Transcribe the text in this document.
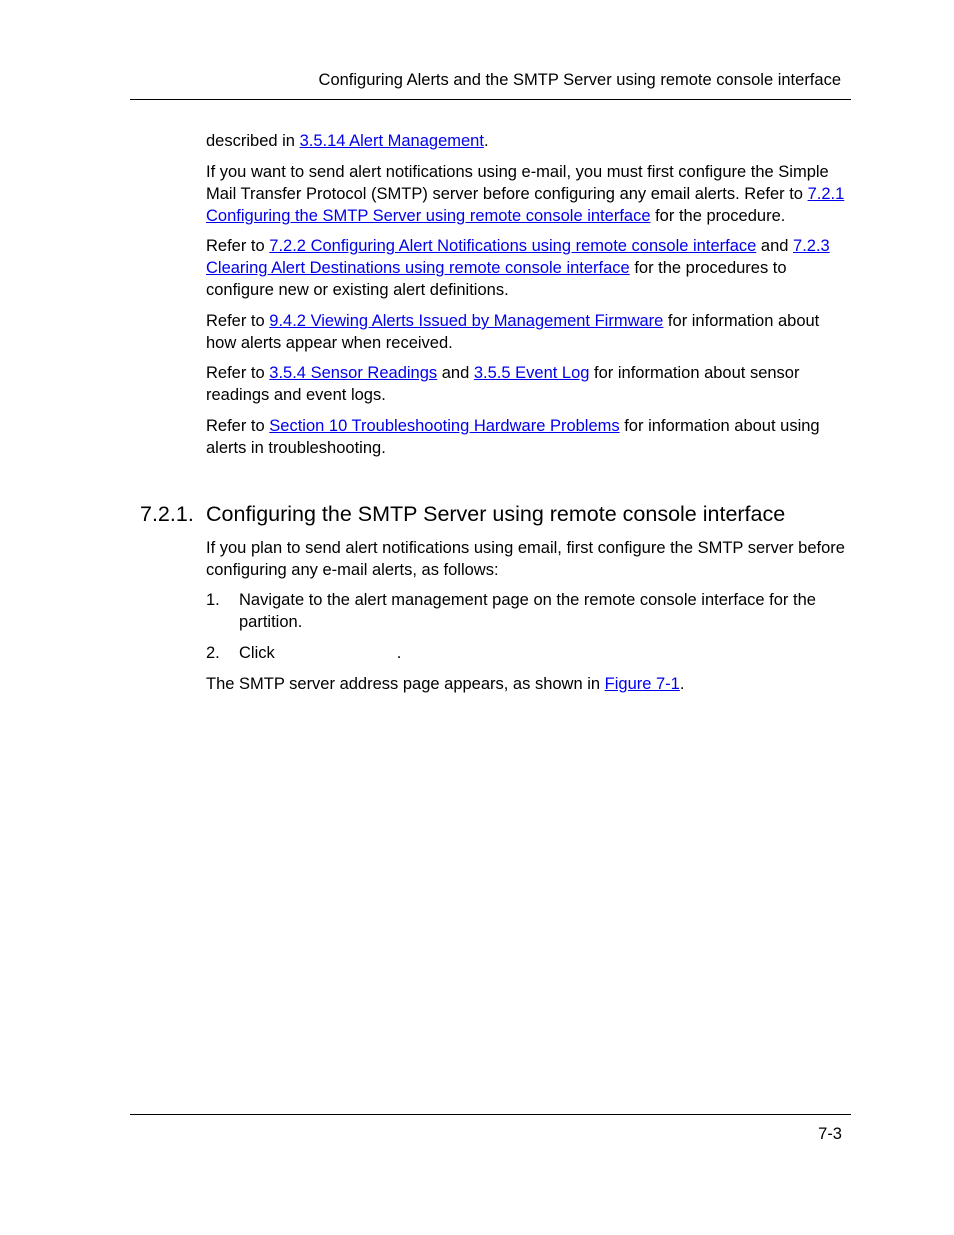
Configuring Alerts and the SMTP Server using remote console interface

described in 3.5.14 Alert Management.

If you want to send alert notifications using e-mail, you must first configure the Simple Mail Transfer Protocol (SMTP) server before configuring any email alerts. Refer to 7.2.1 Configuring the SMTP Server using remote console interface for the procedure.

Refer to 7.2.2 Configuring Alert Notifications using remote console interface and 7.2.3 Clearing Alert Destinations using remote console interface for the procedures to configure new or existing alert definitions.

Refer to 9.4.2 Viewing Alerts Issued by Management Firmware for information about how alerts appear when received.

Refer to 3.5.4 Sensor Readings and 3.5.5 Event Log for information about sensor readings and event logs.

Refer to Section 10 Troubleshooting Hardware Problems for information about using alerts in troubleshooting.

7.2.1. Configuring the SMTP Server using remote console interface

If you plan to send alert notifications using email, first configure the SMTP server before configuring any e-mail alerts, as follows:

1. Navigate to the alert management page on the remote console interface for the partition.
2. Click	.

The SMTP server address page appears, as shown in Figure 7-1.

7-3
